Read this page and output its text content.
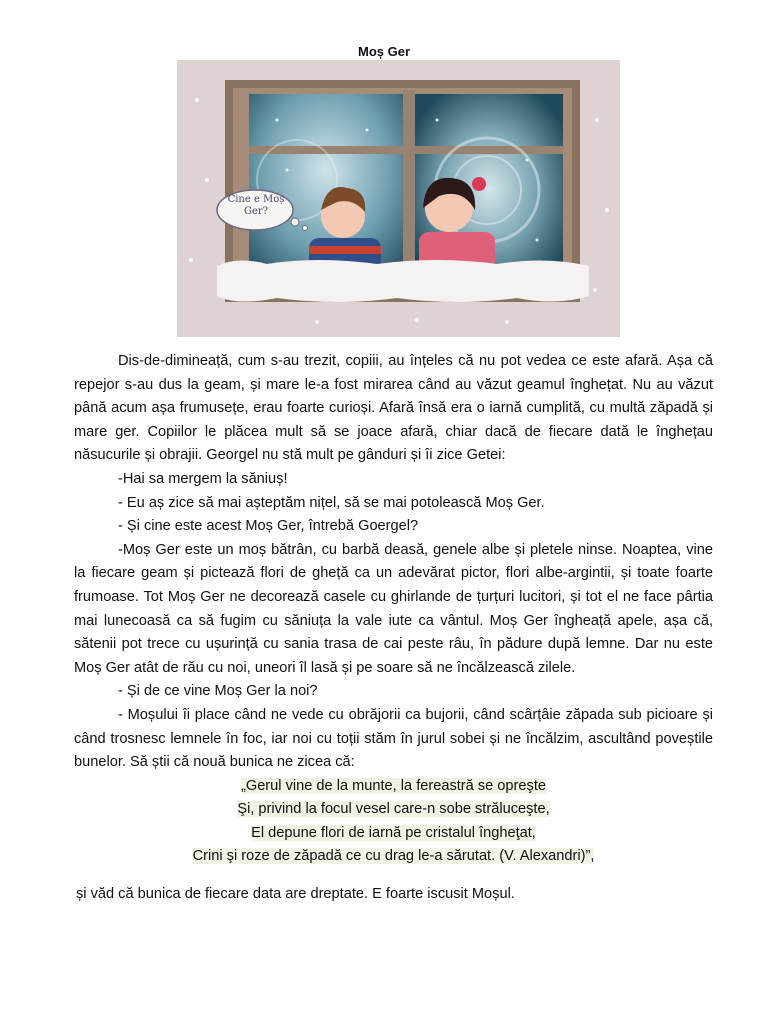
Moș Ger
Cine e Moș Ger?

Dis-de-dimineață, cum s-au trezit, copiii, au înțeles că nu pot vedea ce este afară. Așa că repejor s-au dus la geam, și mare le-a fost mirarea când au văzut geamul înghețat. Nu au văzut până acum așa frumusețe, erau foarte curioși. Afară însă era o iarnă cumplită, cu multă zăpadă și mare ger. Copiilor le plăcea mult să se joace afară, chiar dacă de fiecare dată le înghețau năsucurile și obrajii. Georgel nu stă mult pe gânduri și îi zice Getei:

-Hai sa mergem la săniuș!

- Eu aș zice să mai așteptăm nițel, să se mai potolească Moș Ger.

- Și cine este acest Moș Ger, întrebă Goergel?

-Moș Ger este un moș bătrân, cu barbă deasă, genele albe și pletele ninse. Noaptea, vine la fiecare geam și pictează flori de gheță ca un adevărat pictor, flori albe-argintii, și toate foarte frumoase. Tot Moș Ger ne decorează casele cu ghirlande de țurțuri lucitori, și tot el ne face pârtia mai lunecoasă ca să fugim cu săniuța la vale iute ca vântul. Moș Ger îngheață apele, așa că, sătenii pot trece cu ușurință cu sania trasa de cai peste râu, în pădure după lemne. Dar nu este Moș Ger atât de rău cu noi, uneori îl lasă și pe soare să ne încălzească zilele.

- Și de ce vine Moș Ger la noi?

- Moșului îi place când ne vede cu obrăjorii ca bujorii, când scârțâie zăpada sub picioare și când trosnesc lemnele în foc, iar noi cu toții stăm în jurul sobei și ne încălzim, ascultând poveștile bunelor. Să știi că nouă bunica ne zicea că:

„Gerul vine de la munte, la fereastră se opreşte

Şi, privind la focul vesel care-n sobe străluceşte,

El depune flori de iarnă pe cristalul îngheţat,

Crini şi roze de zăpadă ce cu drag le-a sărutat. (V. Alexandri)”,

și văd că bunica de fiecare data are dreptate. E foarte iscusit Moșul.
